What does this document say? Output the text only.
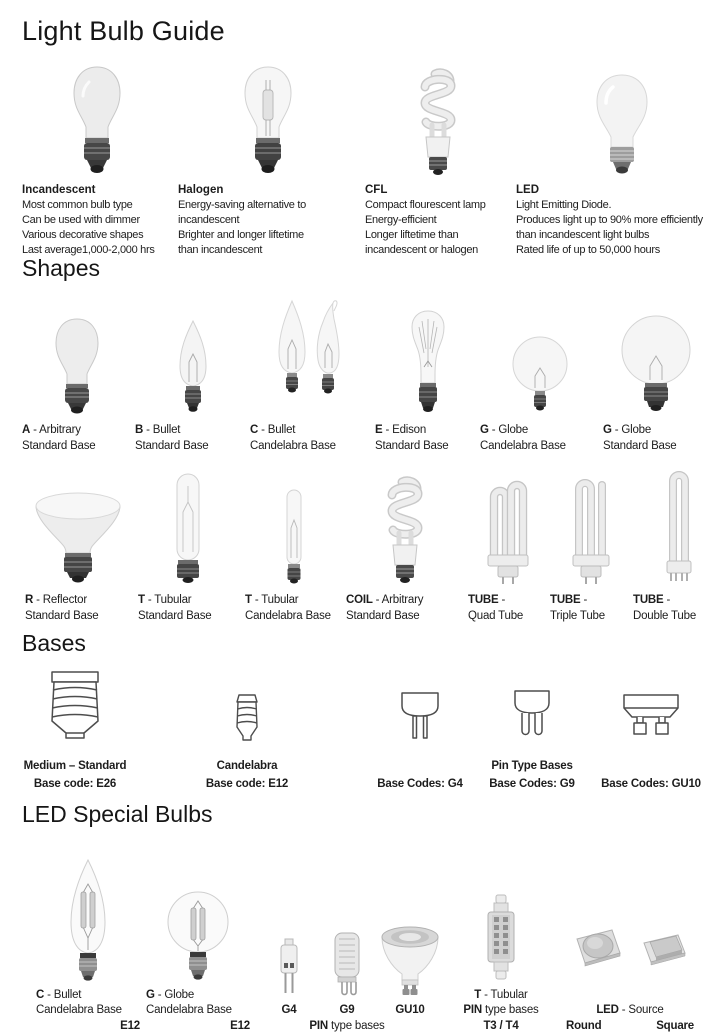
Light Bulb Guide
Incandescent
Most common bulb type
Can be used with dimmer
Various decorative shapes
Last average1,000-2,000 hrs
Halogen
Energy-saving alternative to
incandescent
Brighter and longer liftetime
than incandescent
CFL
Compact flourescent lamp
Energy-efficient
Longer liftetime than
incandescent or halogen
LED
Light Emitting Diode.
Produces light up to 90% more efficiently
than incandescent light bulbs
Rated life of up to 50,000 hours
Shapes
A - Arbitrary
Standard Base
B - Bullet
Standard Base
C - Bullet
Candelabra Base
E - Edison
Standard Base
G - Globe
Candelabra Base
G - Globe
Standard Base
R - Reflector
Standard Base
T - Tubular
Standard Base
T - Tubular
Candelabra Base
COIL - Arbitrary
Standard Base
TUBE -
Quad Tube
TUBE -
Triple Tube
TUBE -
Double Tube
Bases
Medium – Standard
Base code: E26
Candelabra
Base code: E12	Base Codes: G4
Pin Type Bases
Base Codes: G9	Base Codes: GU10
LED Special Bulbs
C - Bullet
Candelabra Base
E12
G - Globe
Candelabra Base
E12
G4
	G9
PIN type bases
GU10

T - Tubular
PIN type bases
T3 / T4
LED - Source
Round	Square
